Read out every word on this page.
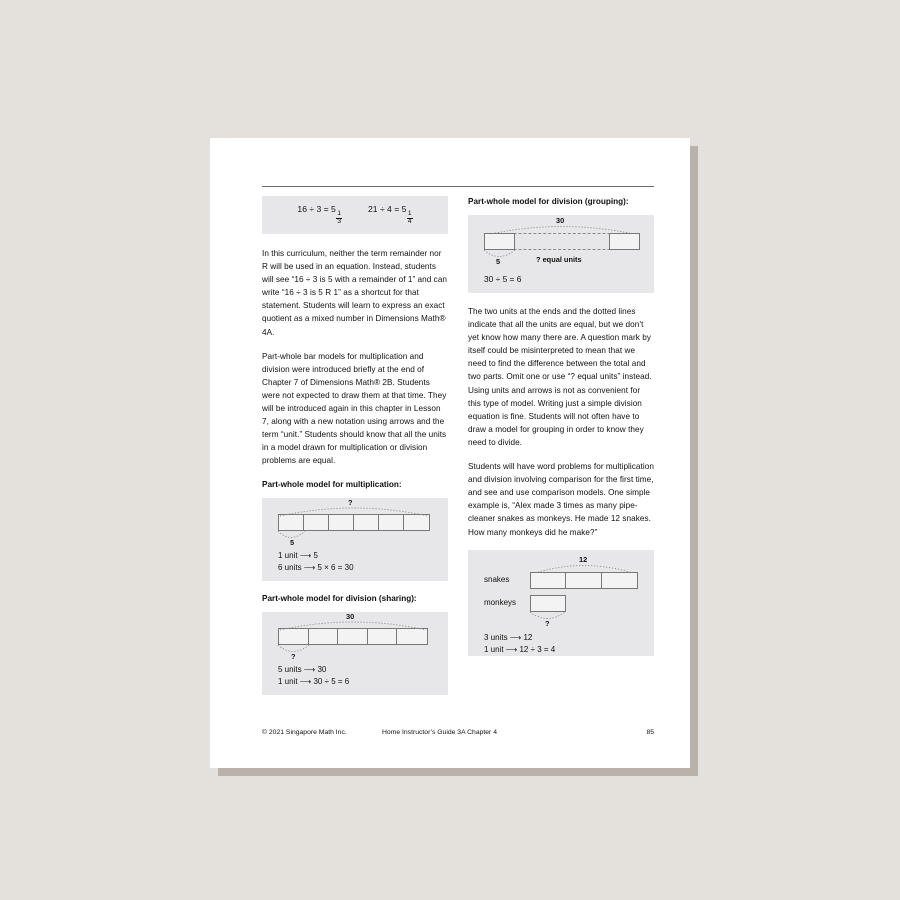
16 ÷ 3 = 5
$\frac{1}{3}$
21 ÷ 4 = 5
$\frac{1}{4}$

In this curriculum, neither the term remainder nor R will be used in an equation. Instead, students will see “16 ÷ 3 is 5 with a remainder of 1” and can write “16 ÷ 3 is 5 R 1” as a shortcut for that statement. Students will learn to express an exact quotient as a mixed number in Dimensions Math® 4A.

Part-whole bar models for multiplication and division were introduced briefly at the end of Chapter 7 of Dimensions Math® 2B. Students were not expected to draw them at that time. They will be introduced again in this chapter in Lesson 7, along with a new notation using arrows and the term “unit.” Students should know that all the units in a model drawn for multiplication or division problems are equal.

Part-whole model for multiplication:

?
5
1 unit ⟶ 5
6 units ⟶ 5 × 6 = 30

Part-whole model for division (sharing):

30
?
5 units ⟶ 30
1 unit ⟶ 30 ÷ 5 = 6

Part-whole model for division (grouping):

30
5	? equal units
30 ÷ 5 = 6

The two units at the ends and the dotted lines indicate that all the units are equal, but we don’t yet know how many there are. A question mark by itself could be misinterpreted to mean that we need to find the difference between the total and two parts. Omit one or use “? equal units” instead. Using units and arrows is not as convenient for this type of model. Writing just a simple division equation is fine. Students will not often have to draw a model for grouping in order to know they need to divide.

Students will have word problems for multiplication and division involving comparison for the first time, and see and use comparison models. One simple example is, “Alex made 3 times as many pipe-cleaner snakes as monkeys. He made 12 snakes. How many monkeys did he make?”

snakes
12
monkeys
?
3 units ⟶ 12
1 unit ⟶ 12 ÷ 3 = 4
© 2021 Singapore Math Inc.	Home Instructor’s Guide 3A Chapter 4	85
